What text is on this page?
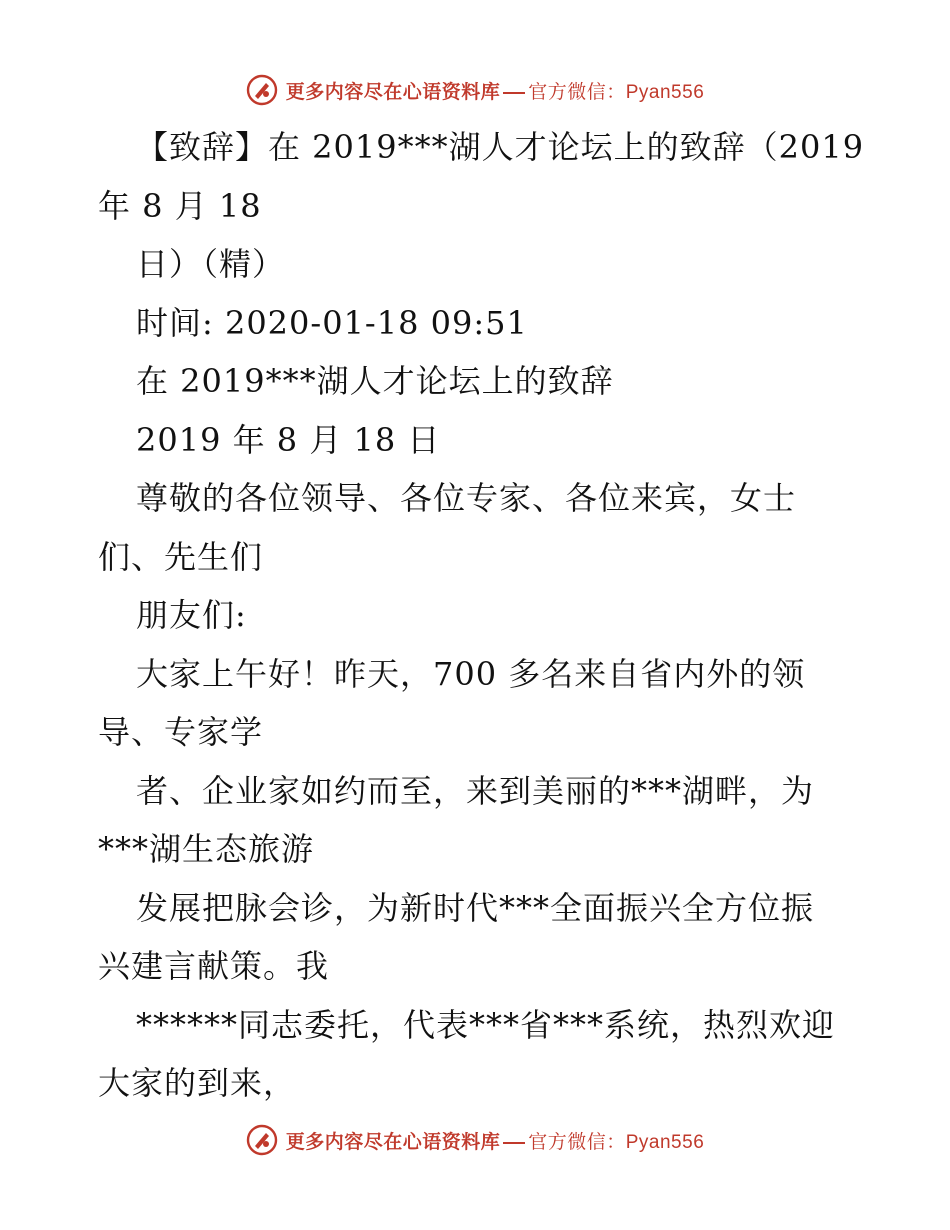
更多内容尽在心语资料库 官方微信：Pyan556
【致辞】在 2019***湖人才论坛上的致辞（2019
年 8 月 18
日）（精）
时间: 2020-01-18 09:51
在 2019***湖人才论坛上的致辞
2019 年 8 月 18 日
尊敬的各位领导、各位专家、各位来宾，女士
们、先生们
朋友们:
大家上午好！昨天，700 多名来自省内外的领
导、专家学
者、企业家如约而至，来到美丽的***湖畔，为
***湖生态旅游
发展把脉会诊，为新时代***全面振兴全方位振
兴建言献策。我
******同志委托，代表***省***系统，热烈欢迎
大家的到来，
更多内容尽在心语资料库 官方微信：Pyan556
